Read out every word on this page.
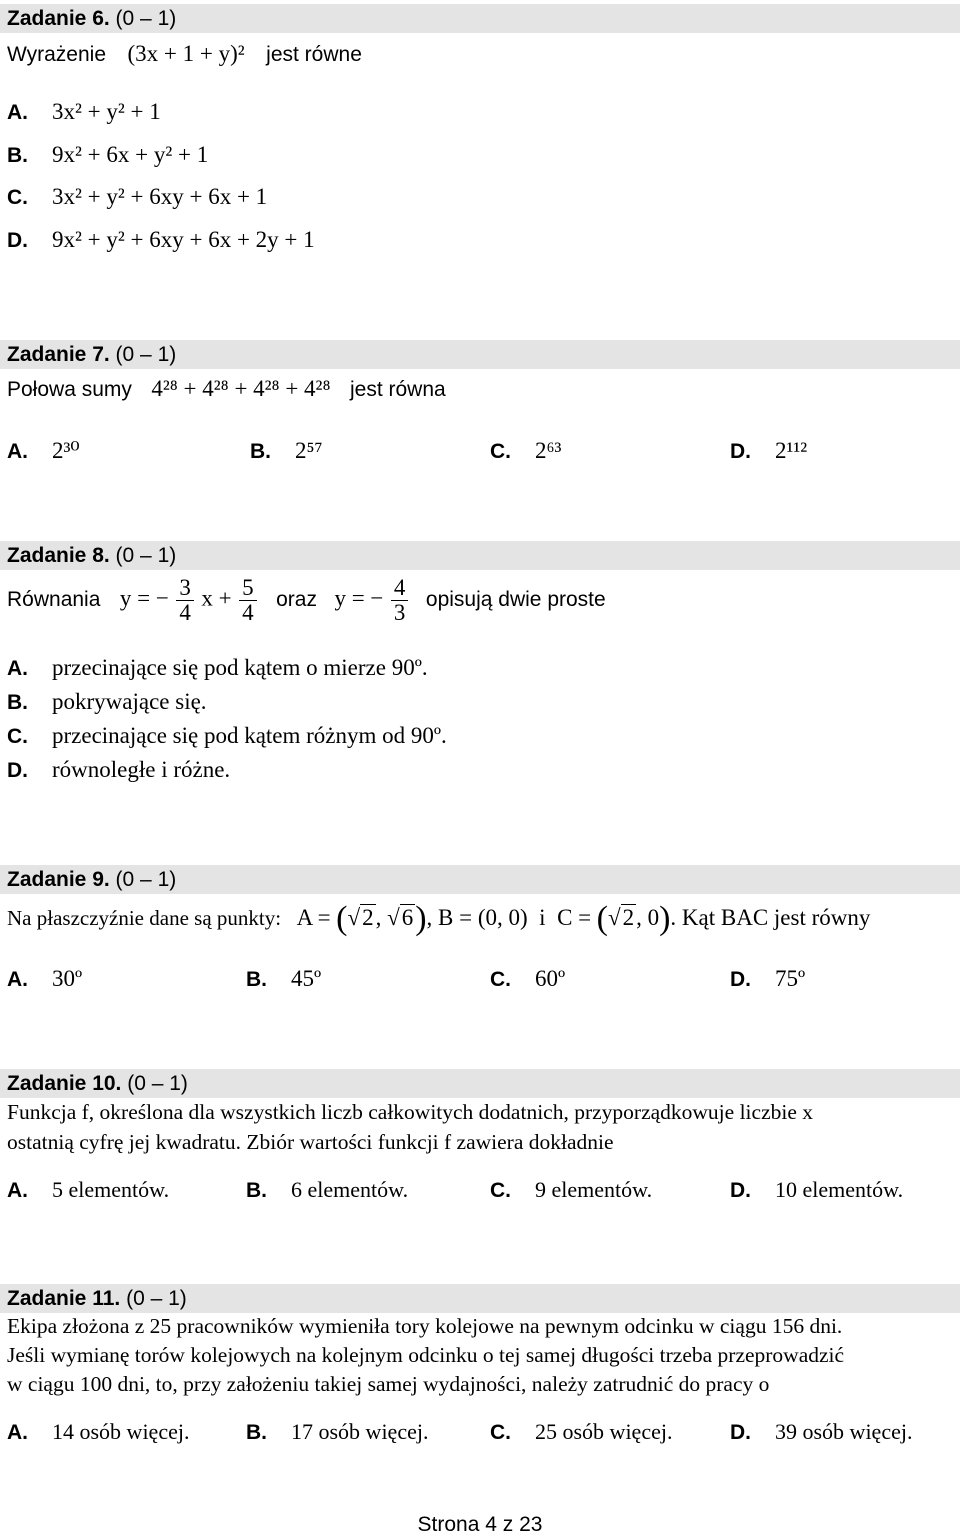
Zadanie 6. (0 – 1)
Wyrażenie (3x + 1 + y)² jest równe
A. 3x² + y² + 1
B. 9x² + 6x + y² + 1
C. 3x² + y² + 6xy + 6x + 1
D. 9x² + y² + 6xy + 6x + 2y + 1
Zadanie 7. (0 – 1)
Połowa sumy 4²⁸ + 4²⁸ + 4²⁸ + 4²⁸ jest równa
A. 2³⁰	B. 2⁵⁷	C. 2⁶³	D. 2¹¹²
Zadanie 8. (0 – 1)
Równania y = − $\frac{3}{4}$ $x + \frac{5}{4}$ oraz y = − $\frac{4}{3}$ opisują dwie proste
A. przecinające się pod kątem o mierze 90º.
B. pokrywające się.
C. przecinające się pod kątem różnym od 90º.
D. równoległe i różne.
Zadanie 9. (0 – 1)
Na płaszczyźnie dane są punkty: A = (√2, √6), B = (0, 0) i C = (√2, 0). Kąt BAC jest równy
A. 30º	B. 45º	C. 60º	D. 75º
Zadanie 10. (0 – 1)
Funkcja f, określona dla wszystkich liczb całkowitych dodatnich, przyporządkowuje liczbie x
ostatnią cyfrę jej kwadratu. Zbiór wartości funkcji f zawiera dokładnie
A. 5 elementów.	B. 6 elementów.	C. 9 elementów.	D. 10 elementów.
Zadanie 11. (0 – 1)
Ekipa złożona z 25 pracowników wymieniła tory kolejowe na pewnym odcinku w ciągu 156 dni.
Jeśli wymianę torów kolejowych na kolejnym odcinku o tej samej długości trzeba przeprowadzić
w ciągu 100 dni, to, przy założeniu takiej samej wydajności, należy zatrudnić do pracy o
A. 14 osób więcej.	B. 17 osób więcej.	C. 25 osób więcej.	D. 39 osób więcej.
Strona 4 z 23
